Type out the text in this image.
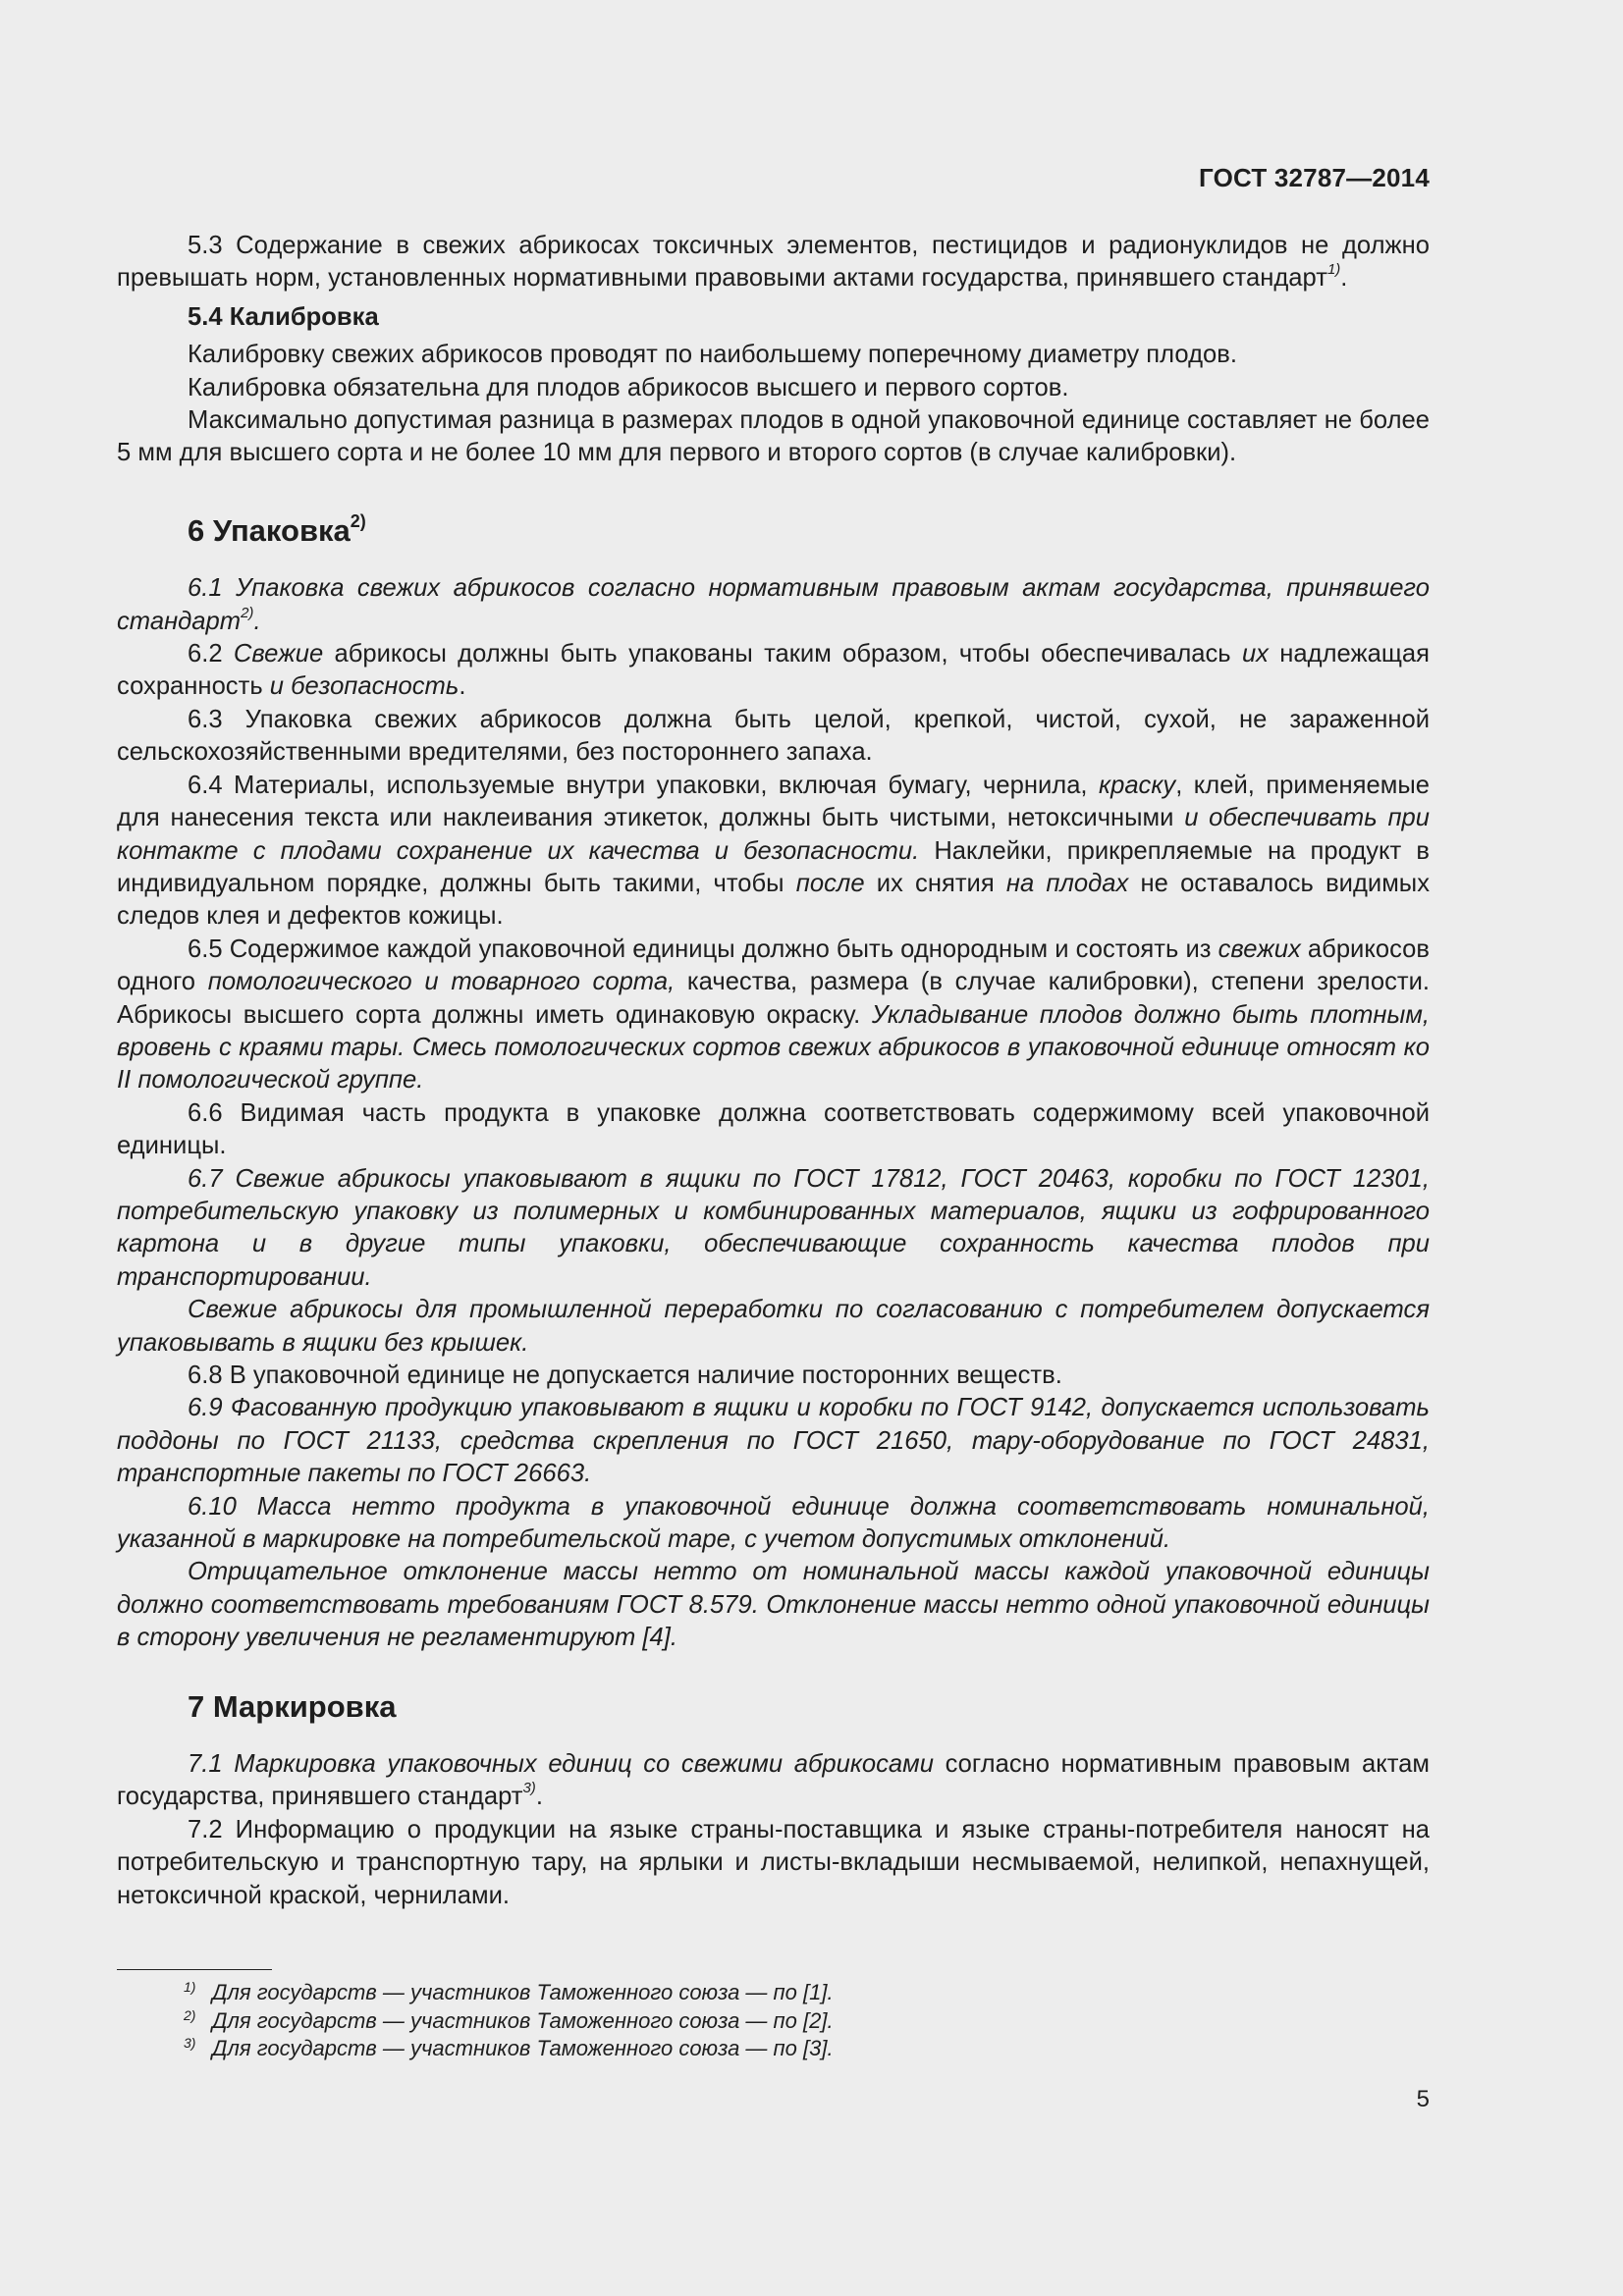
ГОСТ 32787—2014

5.3 Содержание в свежих абрикосах токсичных элементов, пестицидов и радионуклидов не должно превышать норм, установленных нормативными правовыми актами государства, принявшего стандарт$^{1)}$.

5.4 Калибровка

Калибровку свежих абрикосов проводят по наибольшему поперечному диаметру плодов.

Калибровка обязательна для плодов абрикосов высшего и первого сортов.

Максимально допустимая разница в размерах плодов в одной упаковочной единице составляет не более 5 мм для высшего сорта и не более 10 мм для первого и второго сортов (в случае калибровки).

6 Упаковка$^{2)}$

6.1 Упаковка свежих абрикосов согласно нормативным правовым актам государства, принявшего стандарт$^{2)}$.

6.2 Свежие абрикосы должны быть упакованы таким образом, чтобы обеспечивалась их надлежащая сохранность и безопасность.

6.3 Упаковка свежих абрикосов должна быть целой, крепкой, чистой, сухой, не зараженной сельскохозяйственными вредителями, без постороннего запаха.

6.4 Материалы, используемые внутри упаковки, включая бумагу, чернила, краску, клей, применяемые для нанесения текста или наклеивания этикеток, должны быть чистыми, нетоксичными и обеспечивать при контакте с плодами сохранение их качества и безопасности. Наклейки, прикрепляемые на продукт в индивидуальном порядке, должны быть такими, чтобы после их снятия на плодах не оставалось видимых следов клея и дефектов кожицы.

6.5 Содержимое каждой упаковочной единицы должно быть однородным и состоять из свежих абрикосов одного помологического и товарного сорта, качества, размера (в случае калибровки), степени зрелости. Абрикосы высшего сорта должны иметь одинаковую окраску. Укладывание плодов должно быть плотным, вровень с краями тары. Смесь помологических сортов свежих абрикосов в упаковочной единице относят ко II помологической группе.

6.6 Видимая часть продукта в упаковке должна соответствовать содержимому всей упаковочной единицы.

6.7 Свежие абрикосы упаковывают в ящики по ГОСТ 17812, ГОСТ 20463, коробки по ГОСТ 12301, потребительскую упаковку из полимерных и комбинированных материалов, ящики из гофрированного картона и в другие типы упаковки, обеспечивающие сохранность качества плодов при транспортировании.

Свежие абрикосы для промышленной переработки по согласованию с потребителем допускается упаковывать в ящики без крышек.

6.8 В упаковочной единице не допускается наличие посторонних веществ.

6.9 Фасованную продукцию упаковывают в ящики и коробки по ГОСТ 9142, допускается использовать поддоны по ГОСТ 21133, средства скрепления по ГОСТ 21650, тару-оборудование по ГОСТ 24831, транспортные пакеты по ГОСТ 26663.

6.10 Масса нетто продукта в упаковочной единице должна соответствовать номинальной, указанной в маркировке на потребительской таре, с учетом допустимых отклонений.

Отрицательное отклонение массы нетто от номинальной массы каждой упаковочной единицы должно соответствовать требованиям ГОСТ 8.579. Отклонение массы нетто одной упаковочной единицы в сторону увеличения не регламентируют [4].

7 Маркировка

7.1 Маркировка упаковочных единиц со свежими абрикосами согласно нормативным правовым актам государства, принявшего стандарт$^{3)}$.

7.2 Информацию о продукции на языке страны-поставщика и языке страны-потребителя наносят на потребительскую и транспортную тару, на ярлыки и листы-вкладыши несмываемой, нелипкой, непахнущей, нетоксичной краской, чернилами.

1) Для государств — участников Таможенного союза — по [1].
2) Для государств — участников Таможенного союза — по [2].
3) Для государств — участников Таможенного союза — по [3].
5
